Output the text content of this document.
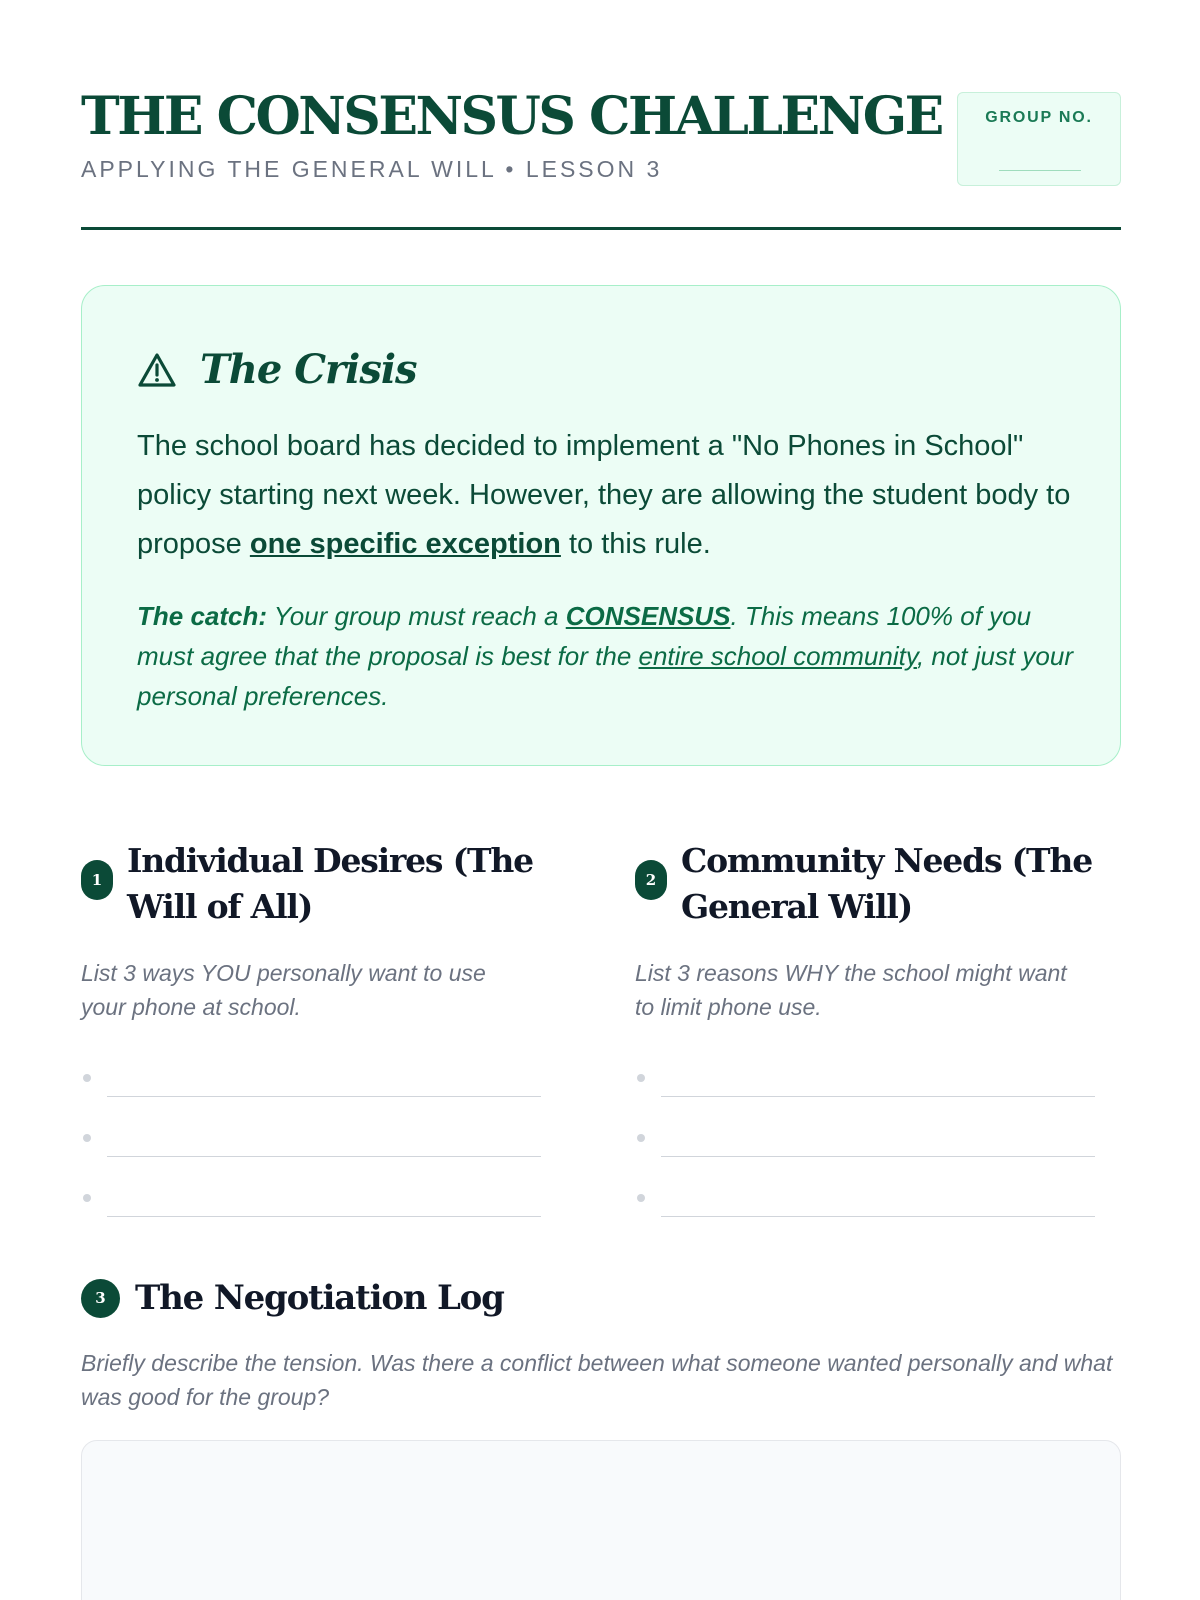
THE CONSENSUS CHALLENGE
APPLYING THE GENERAL WILL • LESSON 3
GROUP NO.
The Crisis

The school board has decided to implement a "No Phones in School" policy starting next week. However, they are allowing the student body to propose one specific exception to this rule.

The catch: Your group must reach a CONSENSUS. This means 100% of you must agree that the proposal is best for the entire school community, not just your personal preferences.

1 Individual Desires (The Will of All)
List 3 ways YOU personally want to use your phone at school.
2 Community Needs (The General Will)
List 3 reasons WHY the school might want to limit phone use.
3 The Negotiation Log
Briefly describe the tension. Was there a conflict between what someone wanted personally and what was good for the group?
